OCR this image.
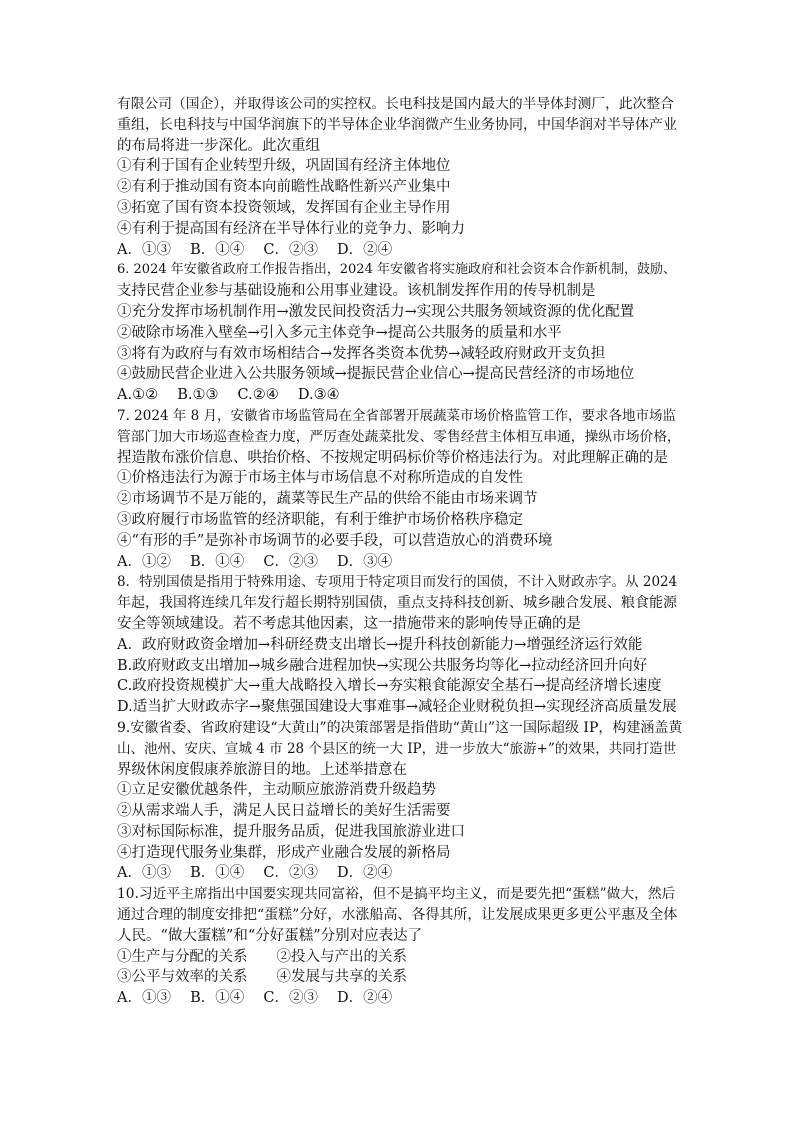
有限公司（国企），并取得该公司的实控权。长电科技是国内最大的半导体封测厂，此次整合
重组，长电科技与中国华润旗下的半导体企业华润微产生业务协同，中国华润对半导体产业
的布局将进一步深化。此次重组
①有利于国有企业转型升级，巩固国有经济主体地位
②有利于推动国有资本向前瞻性战略性新兴产业集中
③拓宽了国有资本投资领域，发挥国有企业主导作用
④有利于提高国有经济在半导体行业的竞争力、影响力
A．①③　 B．①④　 C．②③　 D．②④
6. 2024 年安徽省政府工作报告指出，2024 年安徽省将实施政府和社会资本合作新机制，鼓励、
支持民营企业参与基础设施和公用事业建设。该机制发挥作用的传导机制是
①充分发挥市场机制作用→激发民间投资活力→实现公共服务领域资源的优化配置
②破除市场准入壁垒→引入多元主体竞争→提高公共服务的质量和水平
③将有为政府与有效市场相结合→发挥各类资本优势→减轻政府财政开支负担
④鼓励民营企业进入公共服务领域→提振民营企业信心→提高民营经济的市场地位
A.①②　 B.①③　 C.②④　 D.③④
7. 2024 年 8 月，安徽省市场监管局在全省部署开展蔬菜市场价格监管工作，要求各地市场监
管部门加大市场巡查检查力度，严厉查处蔬菜批发、零售经营主体相互串通，操纵市场价格，
捏造散布涨价信息、哄抬价格、不按规定明码标价等价格违法行为。对此理解正确的是
①价格违法行为源于市场主体与市场信息不对称所造成的自发性
②市场调节不是万能的，蔬菜等民生产品的供给不能由市场来调节
③政府履行市场监管的经济职能，有利于维护市场价格秩序稳定
④“有形的手”是弥补市场调节的必要手段，可以营造放心的消费环境
A．①②　 B．①④　 C．②③　 D．③④
8．特别国债是指用于特殊用途、专项用于特定项目而发行的国债，不计入财政赤字。从 2024
年起，我国将连续几年发行超长期特别国债，重点支持科技创新、城乡融合发展、粮食能源
安全等领域建设。若不考虑其他因素，这一措施带来的影响传导正确的是
A．政府财政资金增加→科研经费支出增长→提升科技创新能力→增强经济运行效能
B.政府财政支出增加→城乡融合进程加快→实现公共服务均等化→拉动经济回升向好
C.政府投资规模扩大→重大战略投入增长→夯实粮食能源安全基石→提高经济增长速度
D.适当扩大财政赤字→聚焦强国建设大事难事→减轻企业财税负担→实现经济高质量发展
9.安徽省委、省政府建设“大黄山”的决策部署是指借助“黄山”这一国际超级 IP，构建涵盖黄
山、池州、安庆、宣城 4 市 28 个县区的统一大 IP，进一步放大“旅游+”的效果，共同打造世
界级休闲度假康养旅游目的地。上述举措意在
①立足安徽优越条件，主动顺应旅游消费升级趋势
②从需求端人手，满足人民日益增长的美好生活需要
③对标国际标准，提升服务品质，促进我国旅游业进口
④打造现代服务业集群，形成产业融合发展的新格局
A．①③　 B．①④　 C．②③　 D．②④
10.习近平主席指出中国要实现共同富裕，但不是搞平均主义，而是要先把“蛋糕”做大，然后
通过合理的制度安排把“蛋糕”分好，水涨船高、各得其所，让发展成果更多更公平惠及全体
人民。“做大蛋糕”和“分好蛋糕”分别对应表达了
①生产与分配的关系　　②投入与产出的关系
③公平与效率的关系　　④发展与共享的关系
A．①③　 B．①④　 C．②③　 D．②④
